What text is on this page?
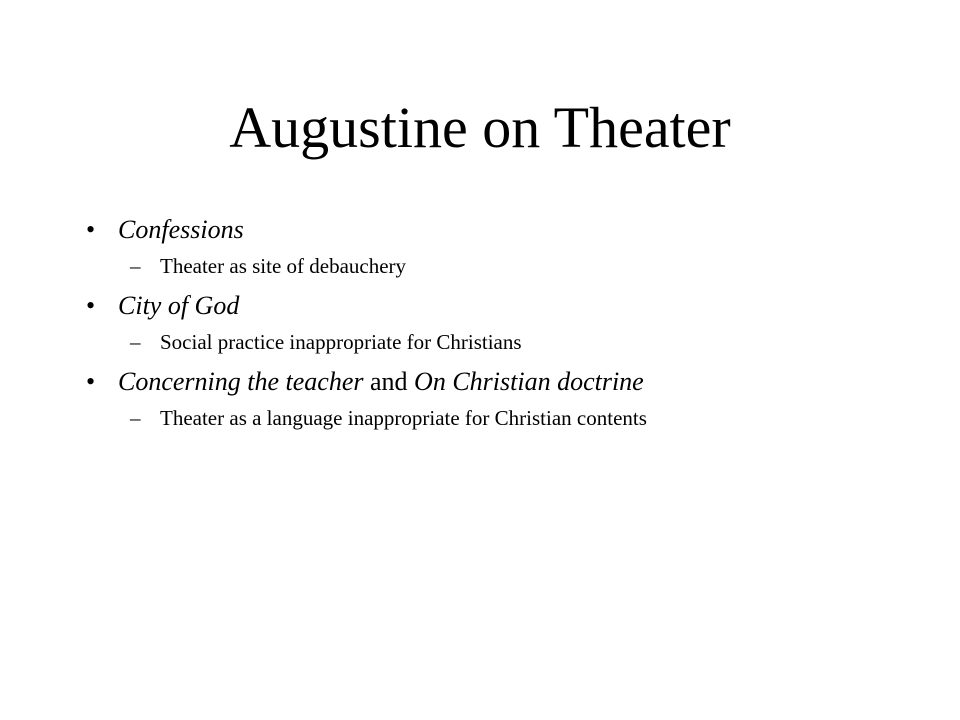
Augustine on Theater
• Confessions
– Theater as site of debauchery
• City of God
– Social practice inappropriate for Christians
• Concerning the teacher and On Christian doctrine
– Theater as a language inappropriate for Christian contents
